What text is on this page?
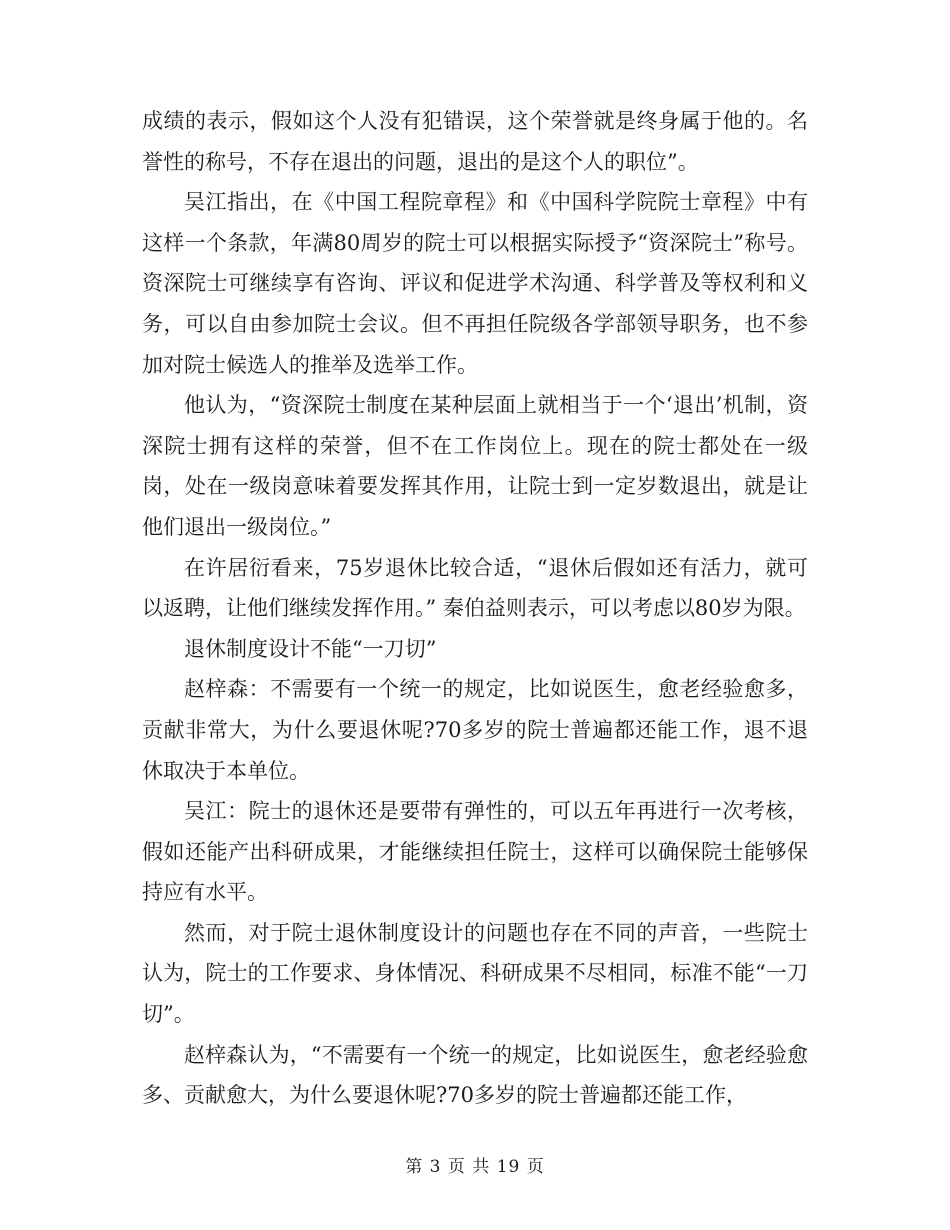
成绩的表示，假如这个人没有犯错误，这个荣誉就是终身属于他的。名誉性的称号，不存在退出的问题，退出的是这个人的职位”。

吴江指出，在《中国工程院章程》和《中国科学院院士章程》中有这样一个条款，年满80周岁的院士可以根据实际授予“资深院士”称号。资深院士可继续享有咨询、评议和促进学术沟通、科学普及等权利和义务，可以自由参加院士会议。但不再担任院级各学部领导职务，也不参加对院士候选人的推举及选举工作。

他认为，“资深院士制度在某种层面上就相当于一个‘退出’机制，资深院士拥有这样的荣誉，但不在工作岗位上。现在的院士都处在一级岗，处在一级岗意味着要发挥其作用，让院士到一定岁数退出，就是让他们退出一级岗位。”

在许居衍看来，75岁退休比较合适，“退休后假如还有活力，就可以返聘，让他们继续发挥作用。” 秦伯益则表示，可以考虑以80岁为限。

退休制度设计不能“一刀切”

赵梓森：不需要有一个统一的规定，比如说医生，愈老经验愈多，贡献非常大，为什么要退休呢?70多岁的院士普遍都还能工作，退不退休取决于本单位。

吴江：院士的退休还是要带有弹性的，可以五年再进行一次考核，假如还能产出科研成果，才能继续担任院士，这样可以确保院士能够保持应有水平。

然而，对于院士退休制度设计的问题也存在不同的声音，一些院士认为，院士的工作要求、身体情况、科研成果不尽相同，标准不能“一刀切”。

赵梓森认为，“不需要有一个统一的规定，比如说医生，愈老经验愈多、贡献愈大，为什么要退休呢?70多岁的院士普遍都还能工作，

第 3 页 共 19 页
